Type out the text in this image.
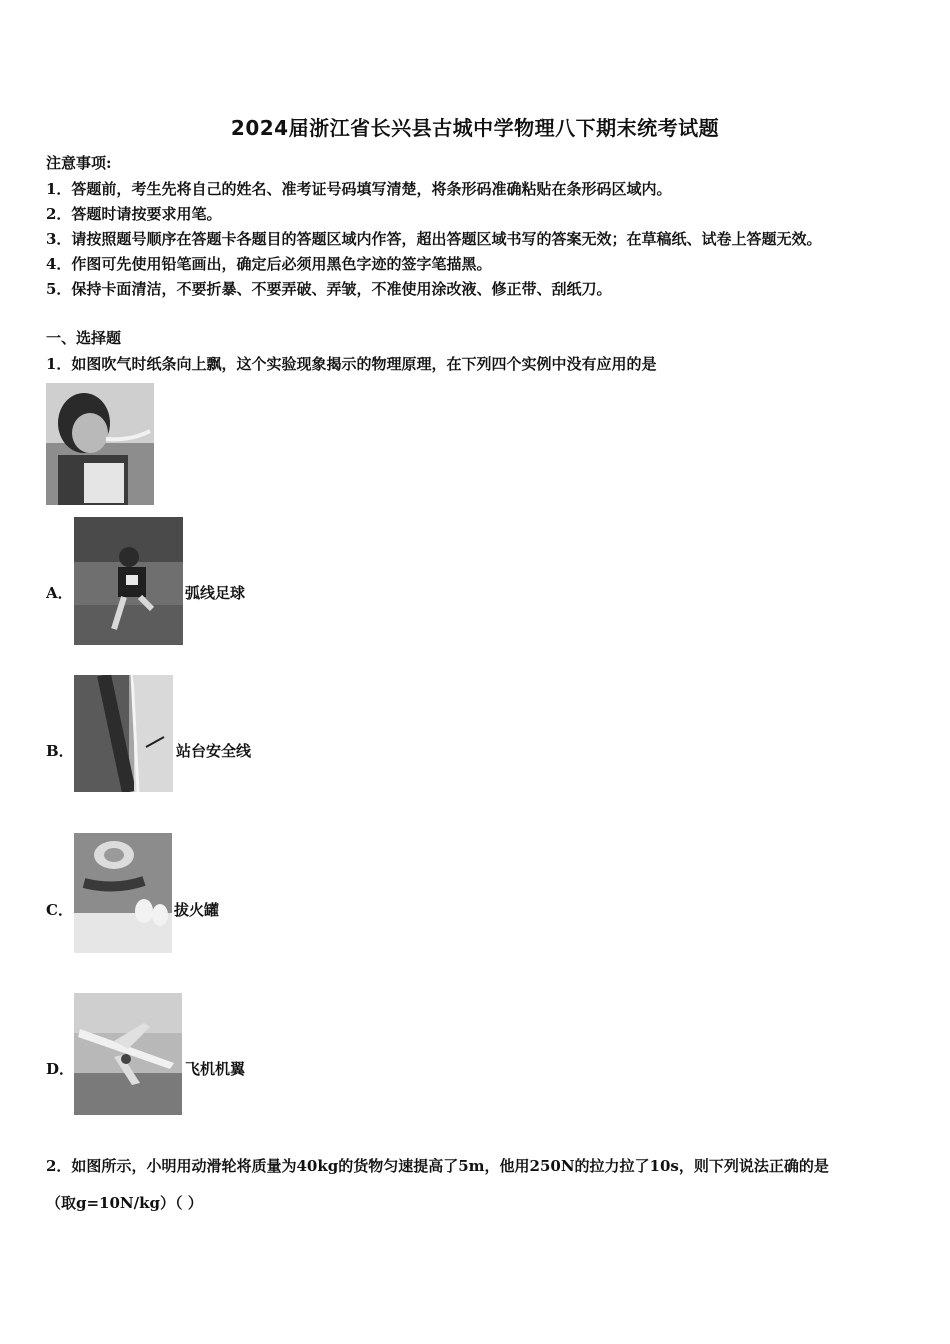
2024届浙江省长兴县古城中学物理八下期末统考试题
注意事项:
1．答题前，考生先将自己的姓名、准考证号码填写清楚，将条形码准确粘贴在条形码区域内。
2．答题时请按要求用笔。
3．请按照题号顺序在答题卡各题目的答题区域内作答，超出答题区域书写的答案无效；在草稿纸、试卷上答题无效。
4．作图可先使用铅笔画出，确定后必须用黑色字迹的签字笔描黑。
5．保持卡面清洁，不要折暴、不要弄破、弄皱，不准使用涂改液、修正带、刮纸刀。
一、选择题
1．如图吹气时纸条向上飘，这个实验现象揭示的物理原理，在下列四个实例中没有应用的是
A．	弧线足球
B．	站台安全线
C．	拔火罐
D．	飞机机翼
2．如图所示，小明用动滑轮将质量为40kg的货物匀速提高了5m，他用250N的拉力拉了10s，则下列说法正确的是
（取g=10N/kg）（ ）
